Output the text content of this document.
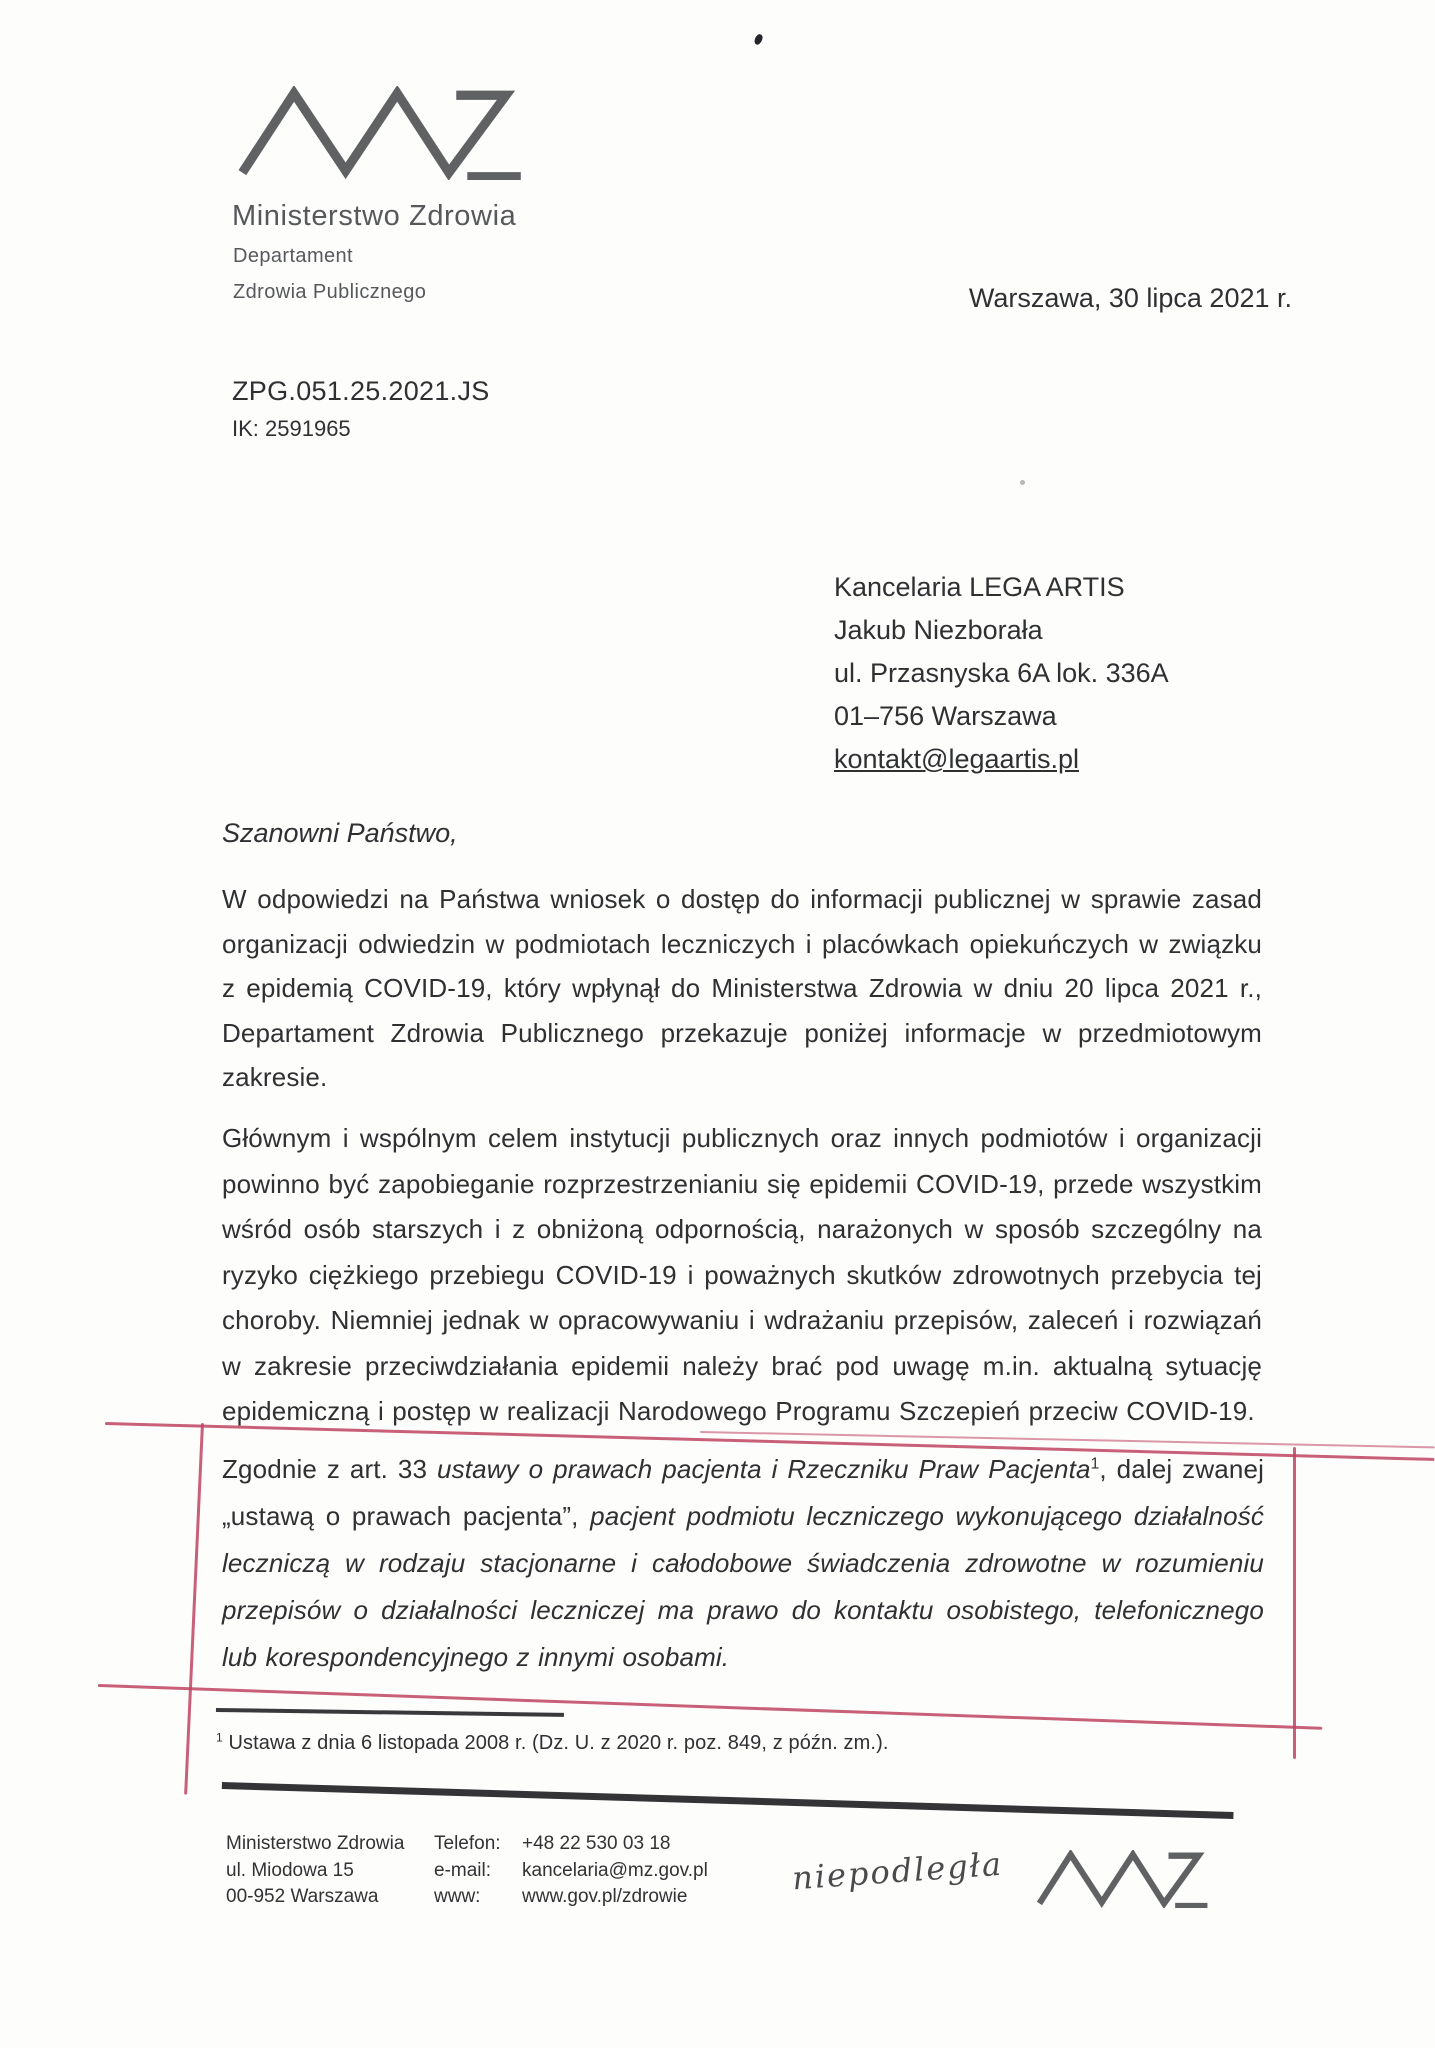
Ministerstwo Zdrowia
Departament
Zdrowia Publicznego	Warszawa, 30 lipca 2021 r.
ZPG.051.25.2021.JS
IK: 2591965
Kancelaria LEGA ARTIS
Jakub Niezborała
ul. Przasnyska 6A lok. 336A
01–756 Warszawa
kontakt@legaartis.pl
Szanowni Państwo,
W odpowiedzi na Państwa wniosek o dostęp do informacji publicznej w sprawie zasad organizacji odwiedzin w podmiotach leczniczych i placówkach opiekuńczych w związku z epidemią COVID-19, który wpłynął do Ministerstwa Zdrowia w dniu 20 lipca 2021 r., Departament Zdrowia Publicznego przekazuje poniżej informacje w przedmiotowym zakresie.
Głównym i wspólnym celem instytucji publicznych oraz innych podmiotów i organizacji powinno być zapobieganie rozprzestrzenianiu się epidemii COVID-19, przede wszystkim wśród osób starszych i z obniżoną odpornością, narażonych w sposób szczególny na ryzyko ciężkiego przebiegu COVID-19 i poważnych skutków zdrowotnych przebycia tej choroby. Niemniej jednak w opracowywaniu i wdrażaniu przepisów, zaleceń i rozwiązań w zakresie przeciwdziałania epidemii należy brać pod uwagę m.in. aktualną sytuację epidemiczną i postęp w realizacji Narodowego Programu Szczepień przeciw COVID-19.
Zgodnie z art. 33 ustawy o prawach pacjenta i Rzeczniku Praw Pacjenta$^1$, dalej zwanej „ustawą o prawach pacjenta”, pacjent podmiotu leczniczego wykonującego działalność leczniczą w rodzaju stacjonarne i całodobowe świadczenia zdrowotne w rozumieniu przepisów o działalności leczniczej ma prawo do kontaktu osobistego, telefonicznego lub korespondencyjnego z innymi osobami.
$^1$ Ustawa z dnia 6 listopada 2008 r. (Dz. U. z 2020 r. poz. 849, z późn. zm.).
Ministerstwo Zdrowia
ul. Miodowa 15
00-952 Warszawa
Telefon:
e-mail:
www:
+48 22 530 03 18
kancelaria@mz.gov.pl
www.gov.pl/zdrowie	niepodległa
